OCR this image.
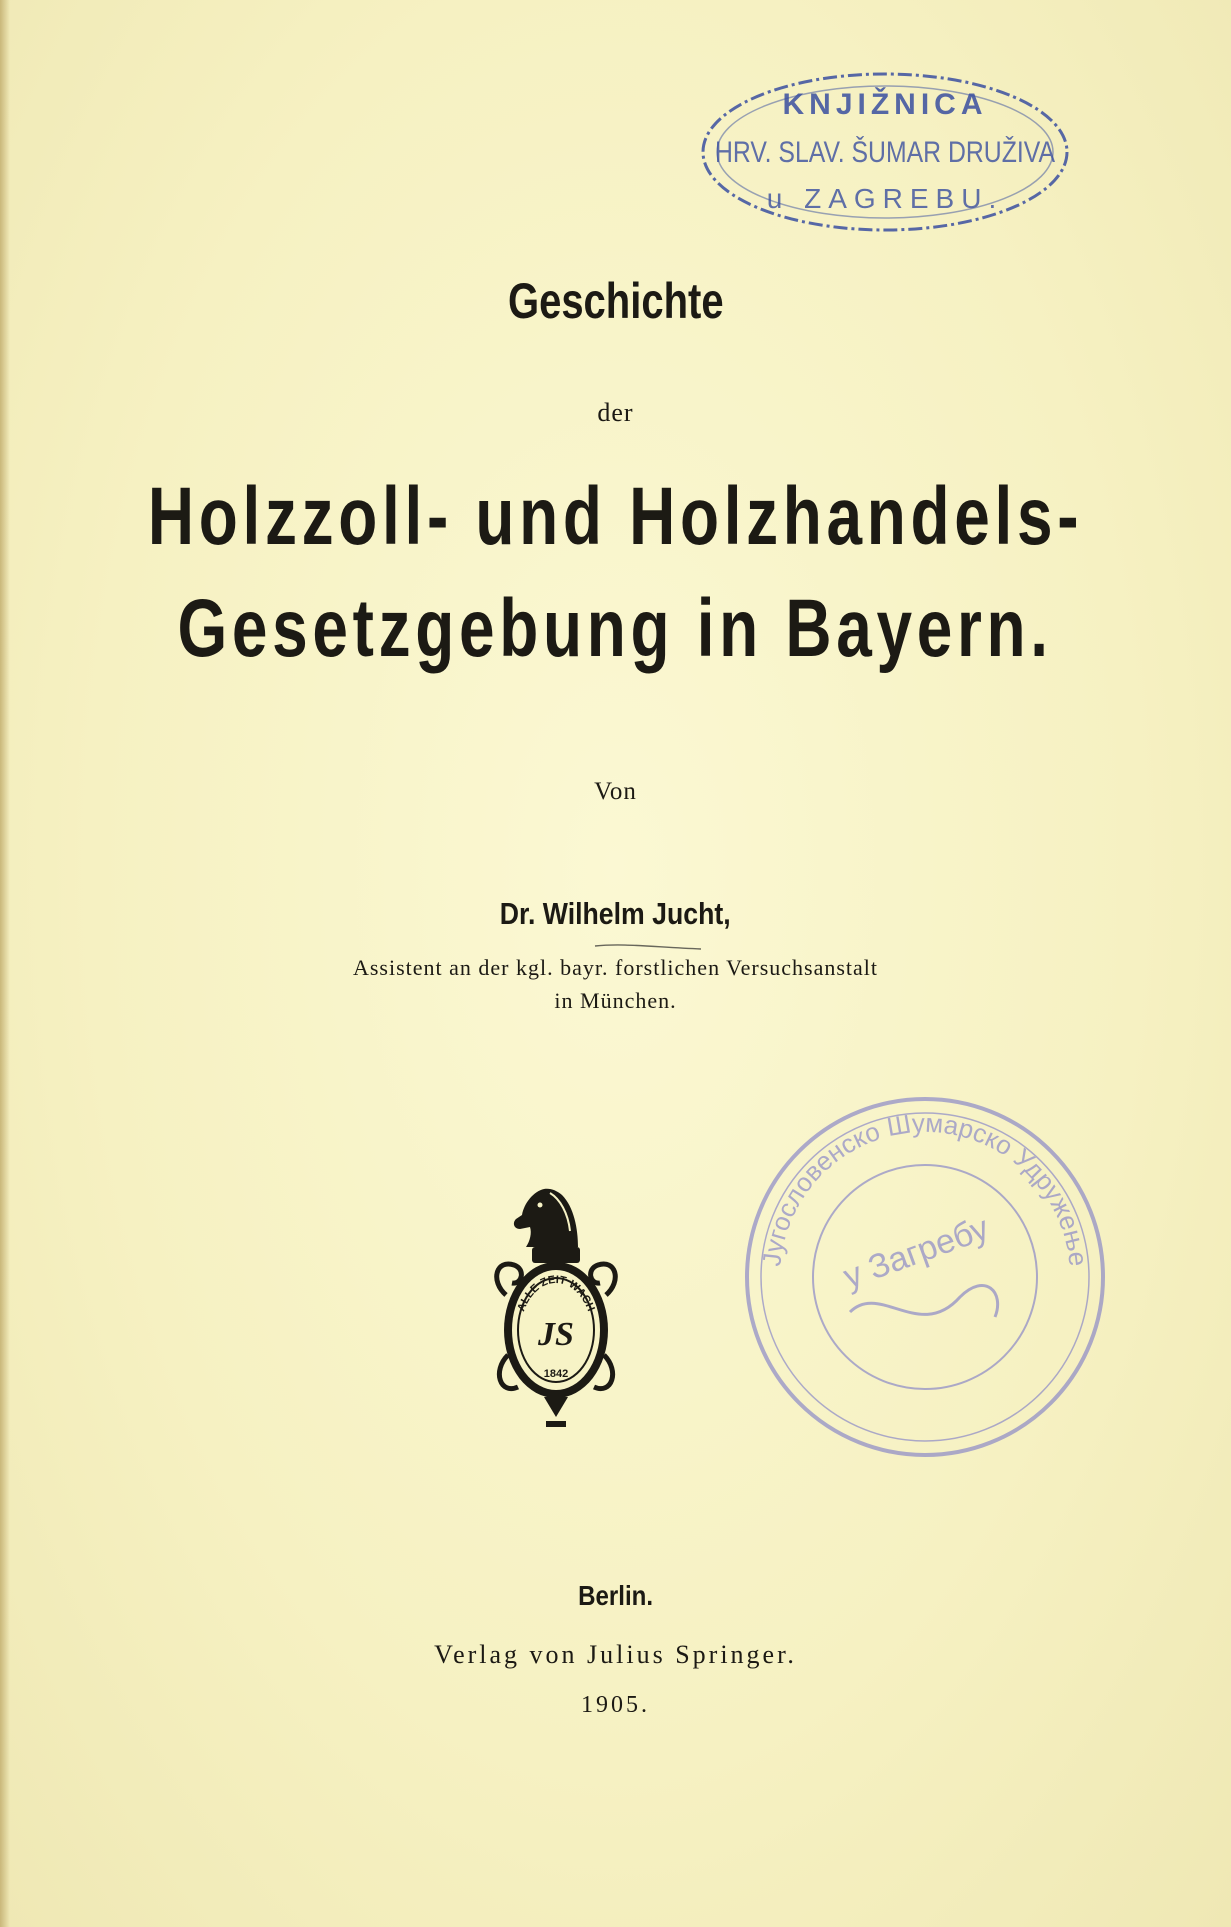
KNJIŽNICA
HRV. SLAV. ŠUMAR DRUŽIVA
u ZAGREBU.
Geschichte
der
Holzzoll- und Holzhandels-
Gesetzgebung in Bayern.
Von
Dr. Wilhelm Jucht,
Assistent an der kgl. bayr. forstlichen Versuchsanstalt
in München.
ALLE ZEIT WACH
JS
1842
Југословенско Шумарско Удружење
у Загребу
Berlin.
Verlag von Julius Springer.
1905.
